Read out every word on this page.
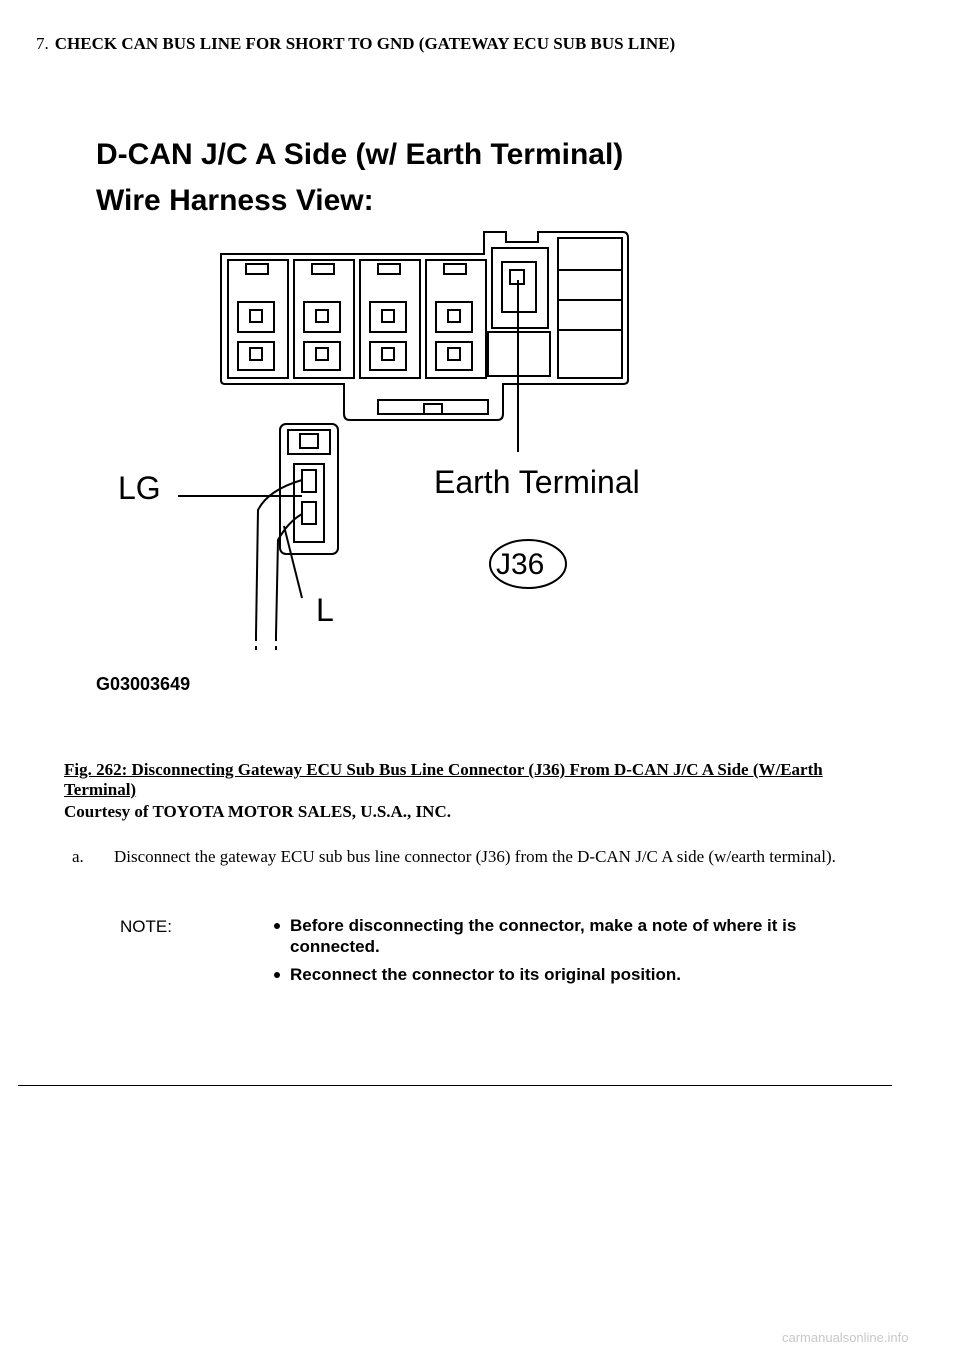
7. CHECK CAN BUS LINE FOR SHORT TO GND (GATEWAY ECU SUB BUS LINE)
D-CAN J/C A Side (w/ Earth Terminal)
Wire Harness View:
LG	Earth Terminal
J36
L
G03003649
Fig. 262: Disconnecting Gateway ECU Sub Bus Line Connector (J36) From D-CAN J/C A Side (W/Earth Terminal)
Courtesy of TOYOTA MOTOR SALES, U.S.A., INC.
a. Disconnect the gateway ECU sub bus line connector (J36) from the D-CAN J/C A side (w/earth terminal).
NOTE:	Before disconnecting the connector, make a note of where it is connected.
Reconnect the connector to its original position.
carmanualsonline.info
